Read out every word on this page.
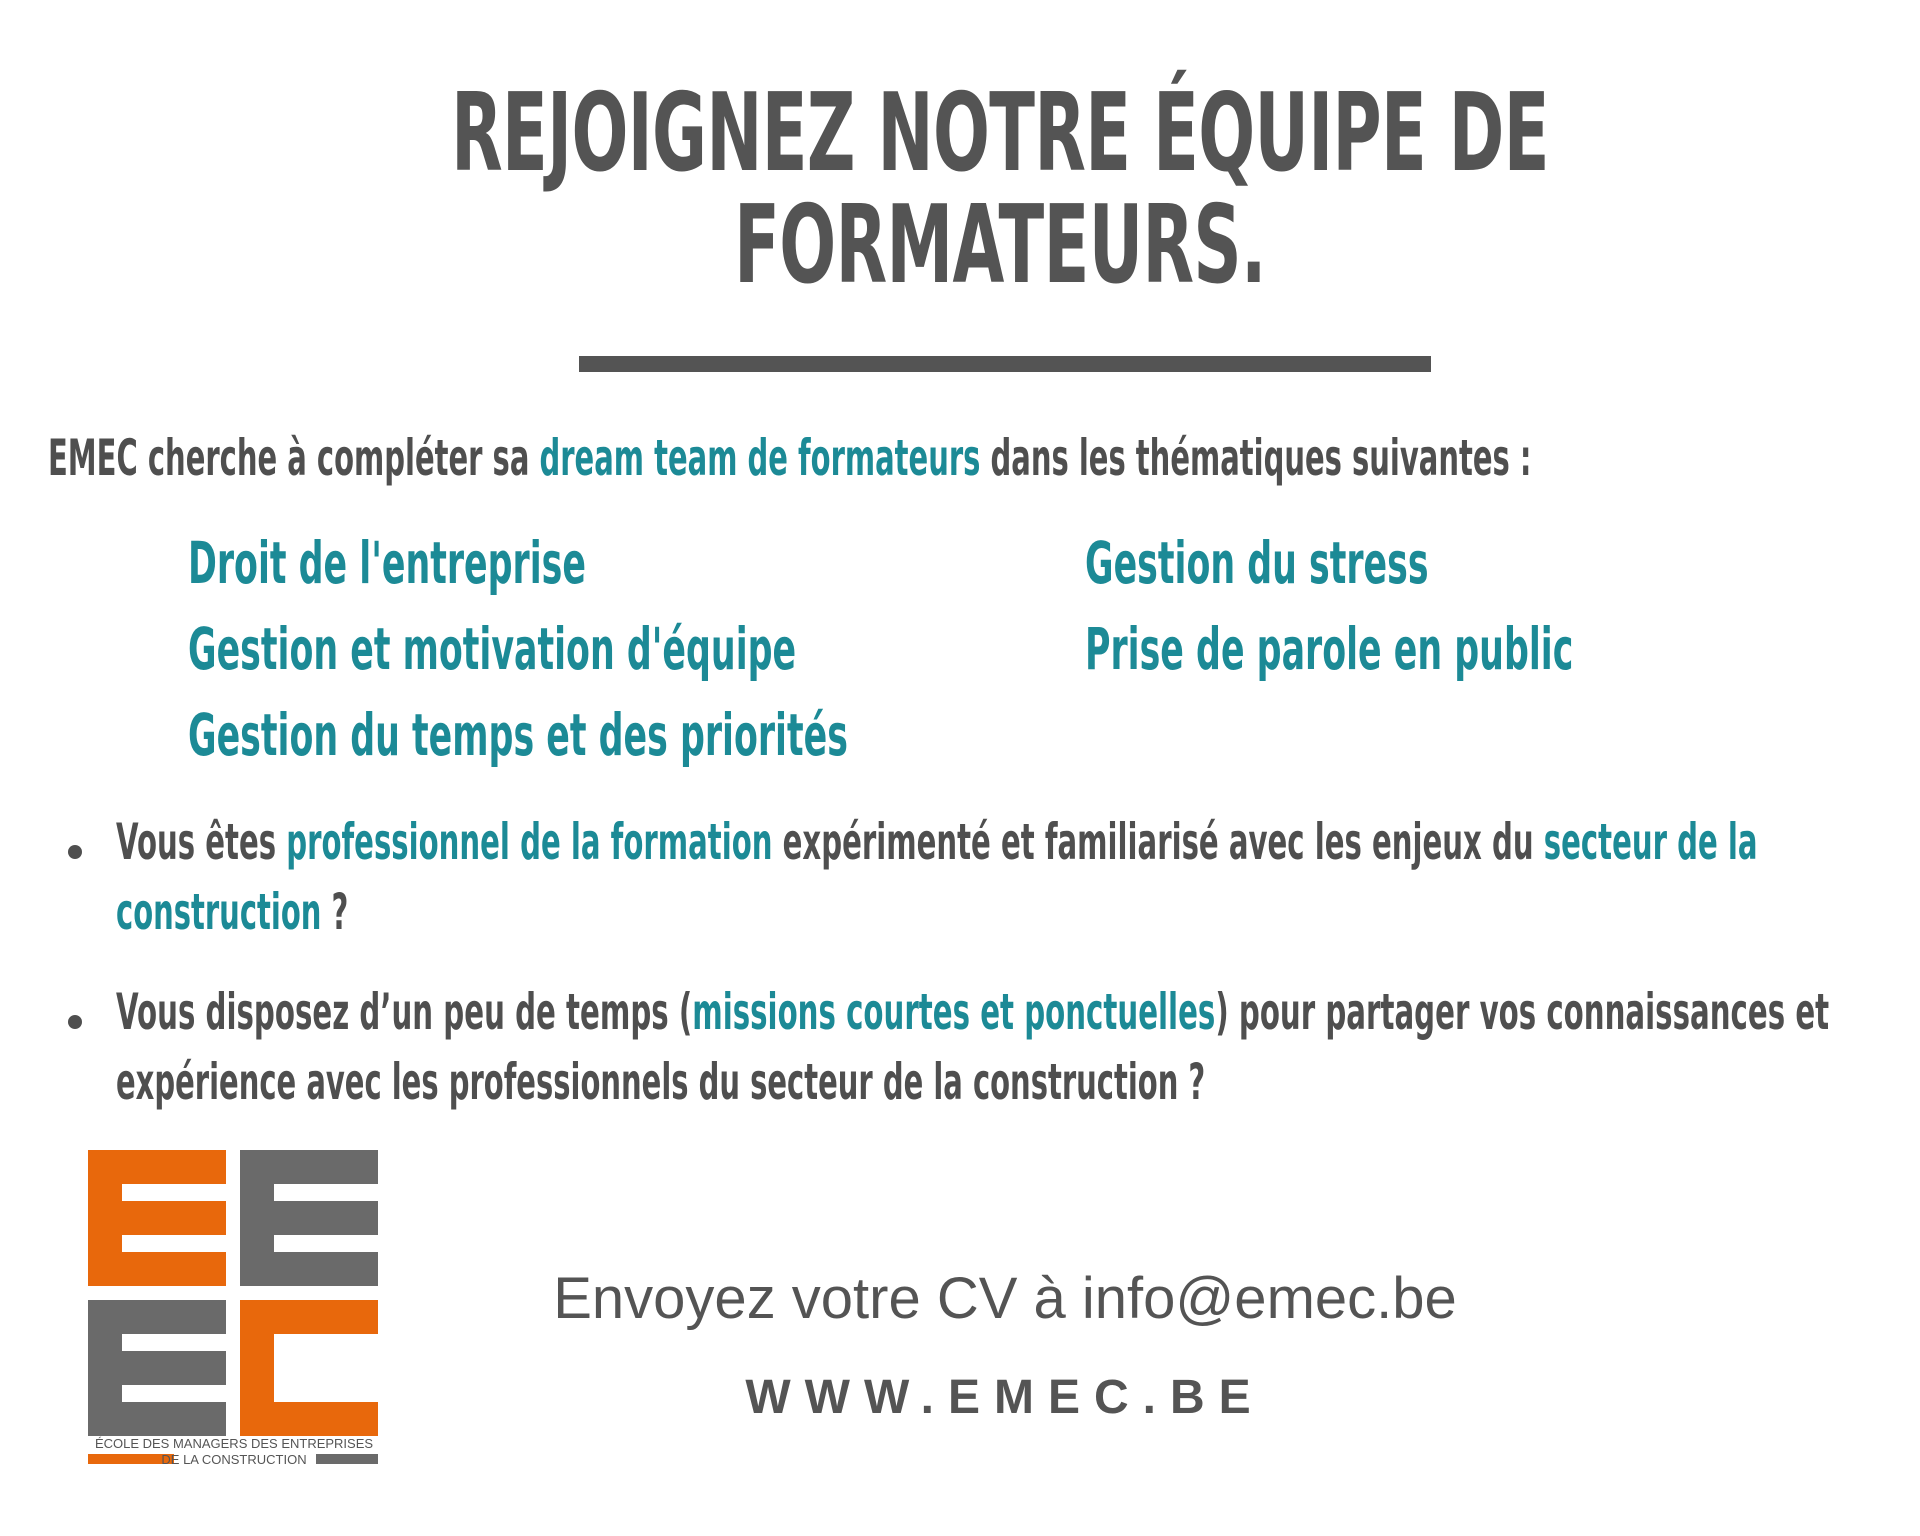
REJOIGNEZ NOTRE ÉQUIPE DE
FORMATEURS.
EMEC cherche à compléter sa dream team de formateurs dans les thématiques suivantes :
Droit de l'entreprise
Gestion et motivation d'équipe
Gestion du temps et des priorités
Gestion du stress
Prise de parole en public
Vous êtes professionnel de la formation expérimenté et familiarisé avec les enjeux du secteur de la
construction ?
Vous disposez d’un peu de temps (missions courtes et ponctuelles) pour partager vos connaissances et
expérience avec les professionnels du secteur de la construction ?
ÉCOLE DES MANAGERS DES ENTREPRISES
DE LA CONSTRUCTION
Envoyez votre CV à info@emec.be
WWW.EMEC.BE
